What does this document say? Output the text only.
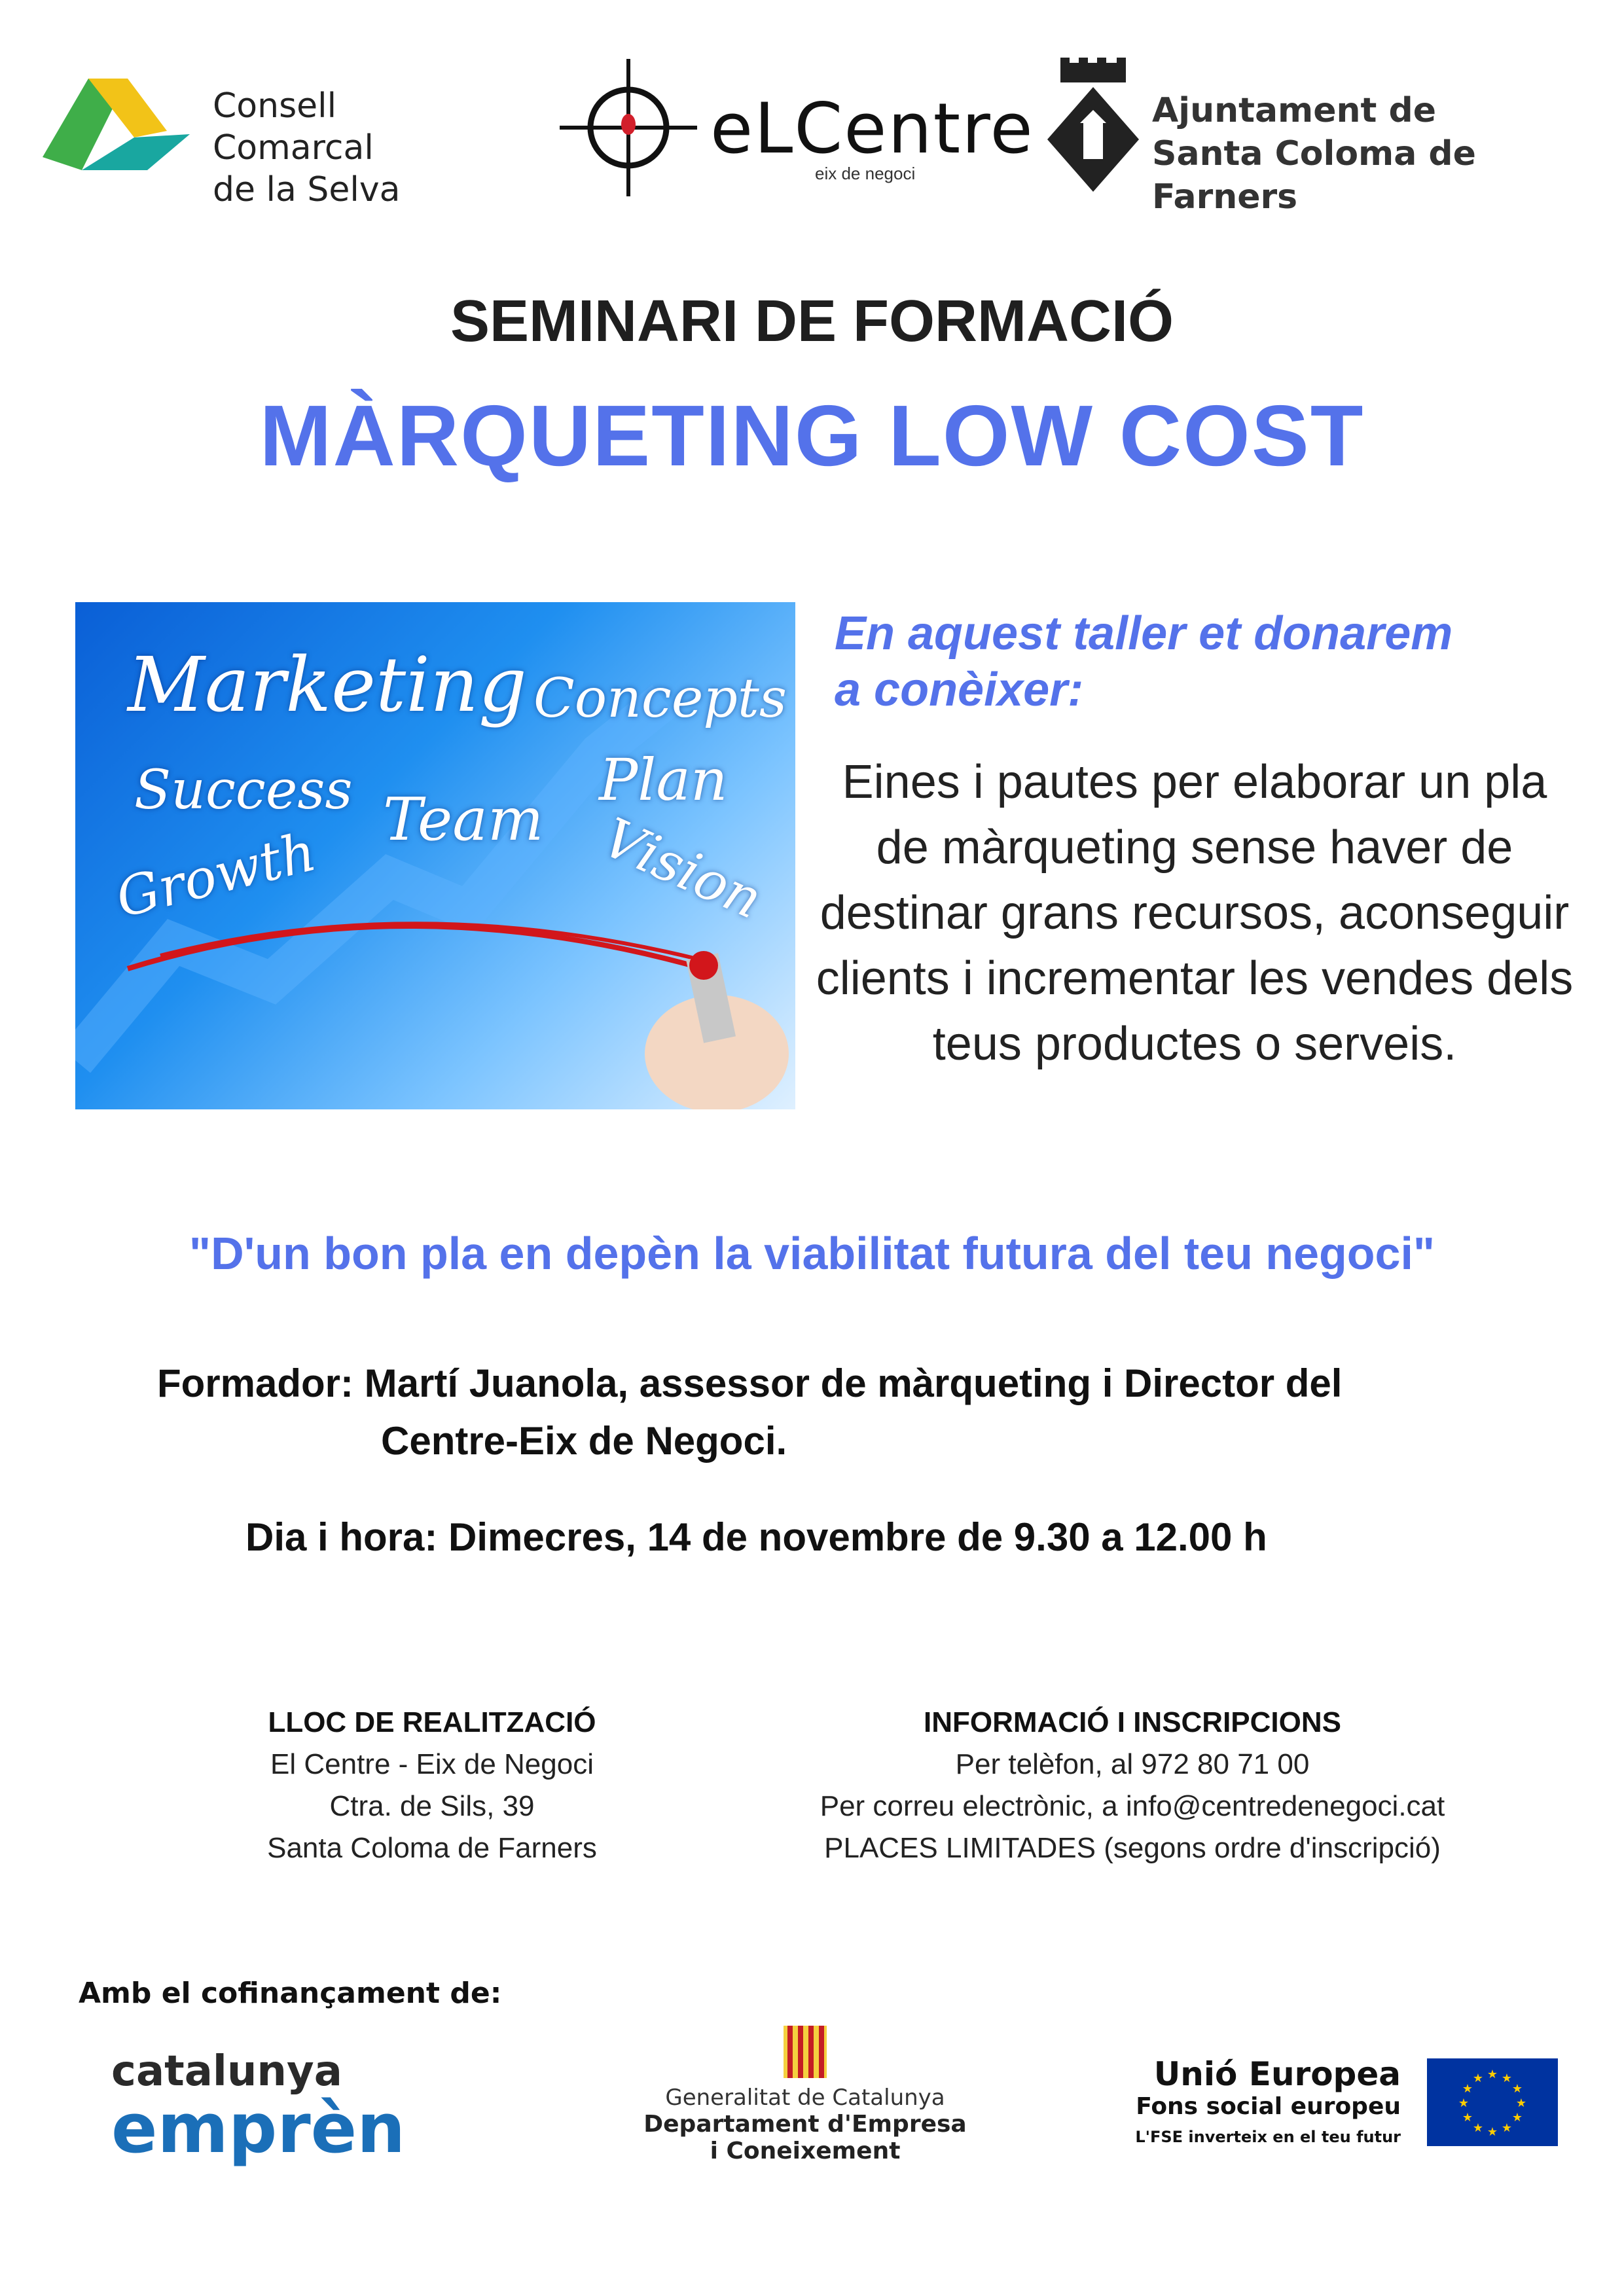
Consell Comarcal
de la Selva
eLCentre
eix de negoci
Ajuntament de
Santa Coloma de Farners
SEMINARI DE FORMACIÓ
MÀRQUETING LOW COST
Marketing Concepts
Success	Plan
Team
Growth	Vision
En aquest taller et donarem
a conèixer:
Eines i pautes per elaborar un pla
de màrqueting sense haver de
destinar grans recursos, aconseguir
clients i incrementar les vendes dels
teus productes o serveis.
"D'un bon pla en depèn la viabilitat futura del teu negoci"
Formador: Martí Juanola, assessor de màrqueting i Director del
Centre-Eix de Negoci.
Dia i hora: Dimecres, 14 de novembre de 9.30 a 12.00 h
LLOC DE REALITZACIÓ
El Centre - Eix de Negoci
Ctra. de Sils, 39
Santa Coloma de Farners
INFORMACIÓ I INSCRIPCIONS
Per telèfon, al 972 80 71 00
Per correu electrònic, a info@centredenegoci.cat
PLACES LIMITADES (segons ordre d'inscripció)
Amb el cofinançament de:
catalunya
emprèn	Generalitat de Catalunya
Departament d'Empresa
i Coneixement
Unió Europea
Fons social europeu
L'FSE inverteix en el teu futur
★ ★
★
★
★
★
★
★
★
★
★
★
